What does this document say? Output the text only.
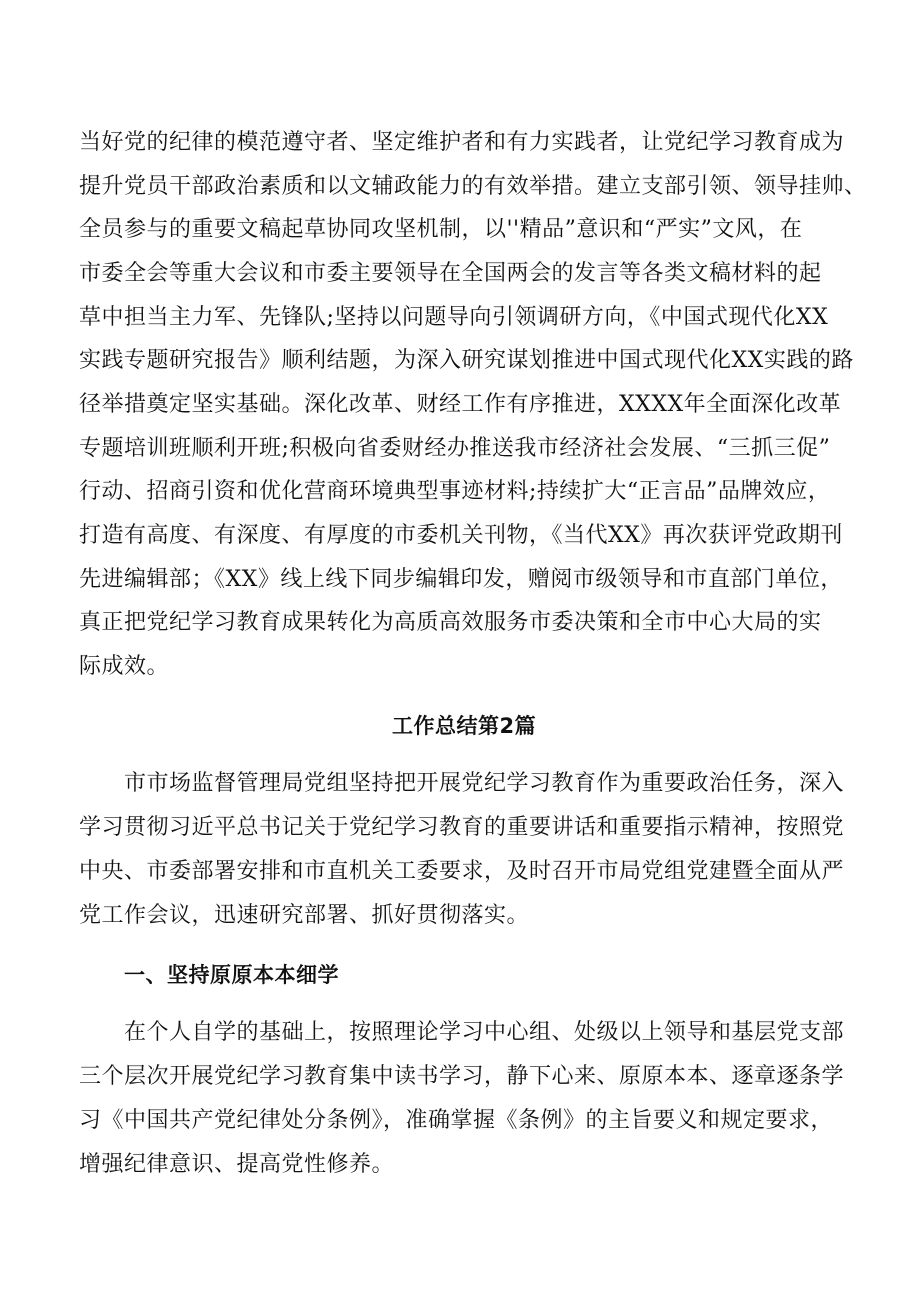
当好党的纪律的模范遵守者、坚定维护者和有力实践者，让党纪学习教育成为
提升党员干部政治素质和以文辅政能力的有效举措。建立支部引领、领导挂帅、
全员参与的重要文稿起草协同攻坚机制，以''精品”意识和“严实”文风，在
市委全会等重大会议和市委主要领导在全国两会的发言等各类文稿材料的起
草中担当主力军、先锋队;坚持以问题导向引领调研方向，《中国式现代化XX
实践专题研究报告》顺利结题，为深入研究谋划推进中国式现代化XX实践的路
径举措奠定坚实基础。深化改革、财经工作有序推进，XXXX年全面深化改革
专题培训班顺利开班;积极向省委财经办推送我市经济社会发展、“三抓三促”
行动、招商引资和优化营商环境典型事迹材料;持续扩大“正言品”品牌效应，
打造有高度、有深度、有厚度的市委机关刊物，《当代XX》再次获评党政期刊
先进编辑部；《XX》线上线下同步编辑印发，赠阅市级领导和市直部门单位，
真正把党纪学习教育成果转化为高质高效服务市委决策和全市中心大局的实
际成效。
工作总结第2篇
市市场监督管理局党组坚持把开展党纪学习教育作为重要政治任务，深入
学习贯彻习近平总书记关于党纪学习教育的重要讲话和重要指示精神，按照党
中央、市委部署安排和市直机关工委要求，及时召开市局党组党建暨全面从严
党工作会议，迅速研究部署、抓好贯彻落实。
一、坚持原原本本细学
在个人自学的基础上，按照理论学习中心组、处级以上领导和基层党支部
三个层次开展党纪学习教育集中读书学习，静下心来、原原本本、逐章逐条学
习《中国共产党纪律处分条例》，准确掌握《条例》的主旨要义和规定要求，
增强纪律意识、提高党性修养。
